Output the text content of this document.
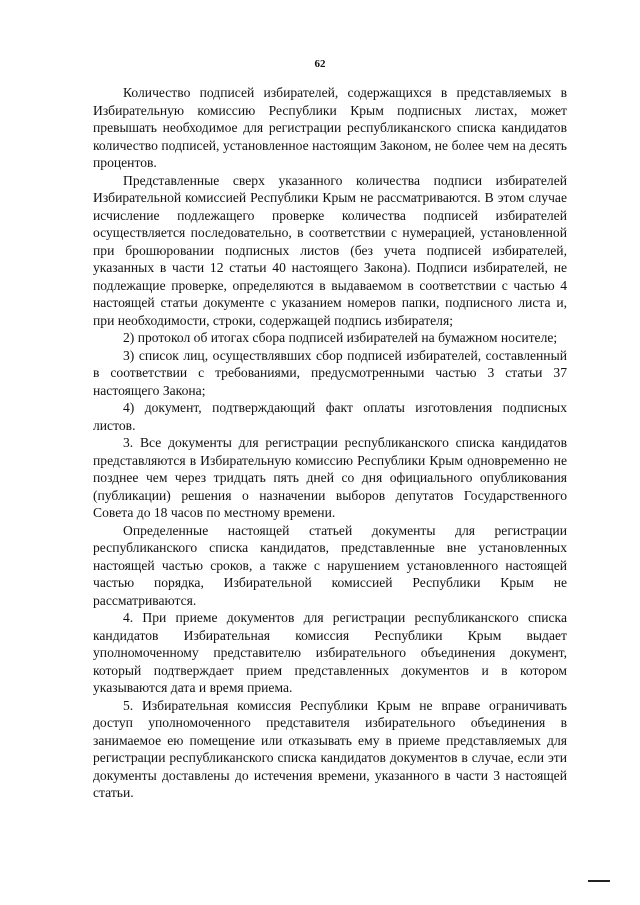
62

Количество подписей избирателей, содержащихся в представляемых в Избирательную комиссию Республики Крым подписных листах, может превышать необходимое для регистрации республиканского списка кандидатов количество подписей, установленное настоящим Законом, не более чем на десять процентов.

Представленные сверх указанного количества подписи избирателей Избирательной комиссией Республики Крым не рассматриваются. В этом случае исчисление подлежащего проверке количества подписей избирателей осуществляется последовательно, в соответствии с нумерацией, установленной при брошюровании подписных листов (без учета подписей избирателей, указанных в части 12 статьи 40 настоящего Закона). Подписи избирателей, не подлежащие проверке, определяются в выдаваемом в соответствии с частью 4 настоящей статьи документе с указанием номеров папки, подписного листа и, при необходимости, строки, содержащей подпись избирателя;

2) протокол об итогах сбора подписей избирателей на бумажном носителе;

3) список лиц, осуществлявших сбор подписей избирателей, составленный в соответствии с требованиями, предусмотренными частью 3 статьи 37 настоящего Закона;

4) документ, подтверждающий факт оплаты изготовления подписных листов.

3. Все документы для регистрации республиканского списка кандидатов представляются в Избирательную комиссию Республики Крым одновременно не позднее чем через тридцать пять дней со дня официального опубликования (публикации) решения о назначении выборов депутатов Государственного Совета до 18 часов по местному времени.

Определенные настоящей статьей документы для регистрации республиканского списка кандидатов, представленные вне установленных настоящей частью сроков, а также с нарушением установленного настоящей частью порядка, Избирательной комиссией Республики Крым не рассматриваются.

4. При приеме документов для регистрации республиканского списка кандидатов Избирательная комиссия Республики Крым выдает уполномоченному представителю избирательного объединения документ, который подтверждает прием представленных документов и в котором указываются дата и время приема.

5. Избирательная комиссия Республики Крым не вправе ограничивать доступ уполномоченного представителя избирательного объединения в занимаемое ею помещение или отказывать ему в приеме представляемых для регистрации республиканского списка кандидатов документов в случае, если эти документы доставлены до истечения времени, указанного в части 3 настоящей статьи.
